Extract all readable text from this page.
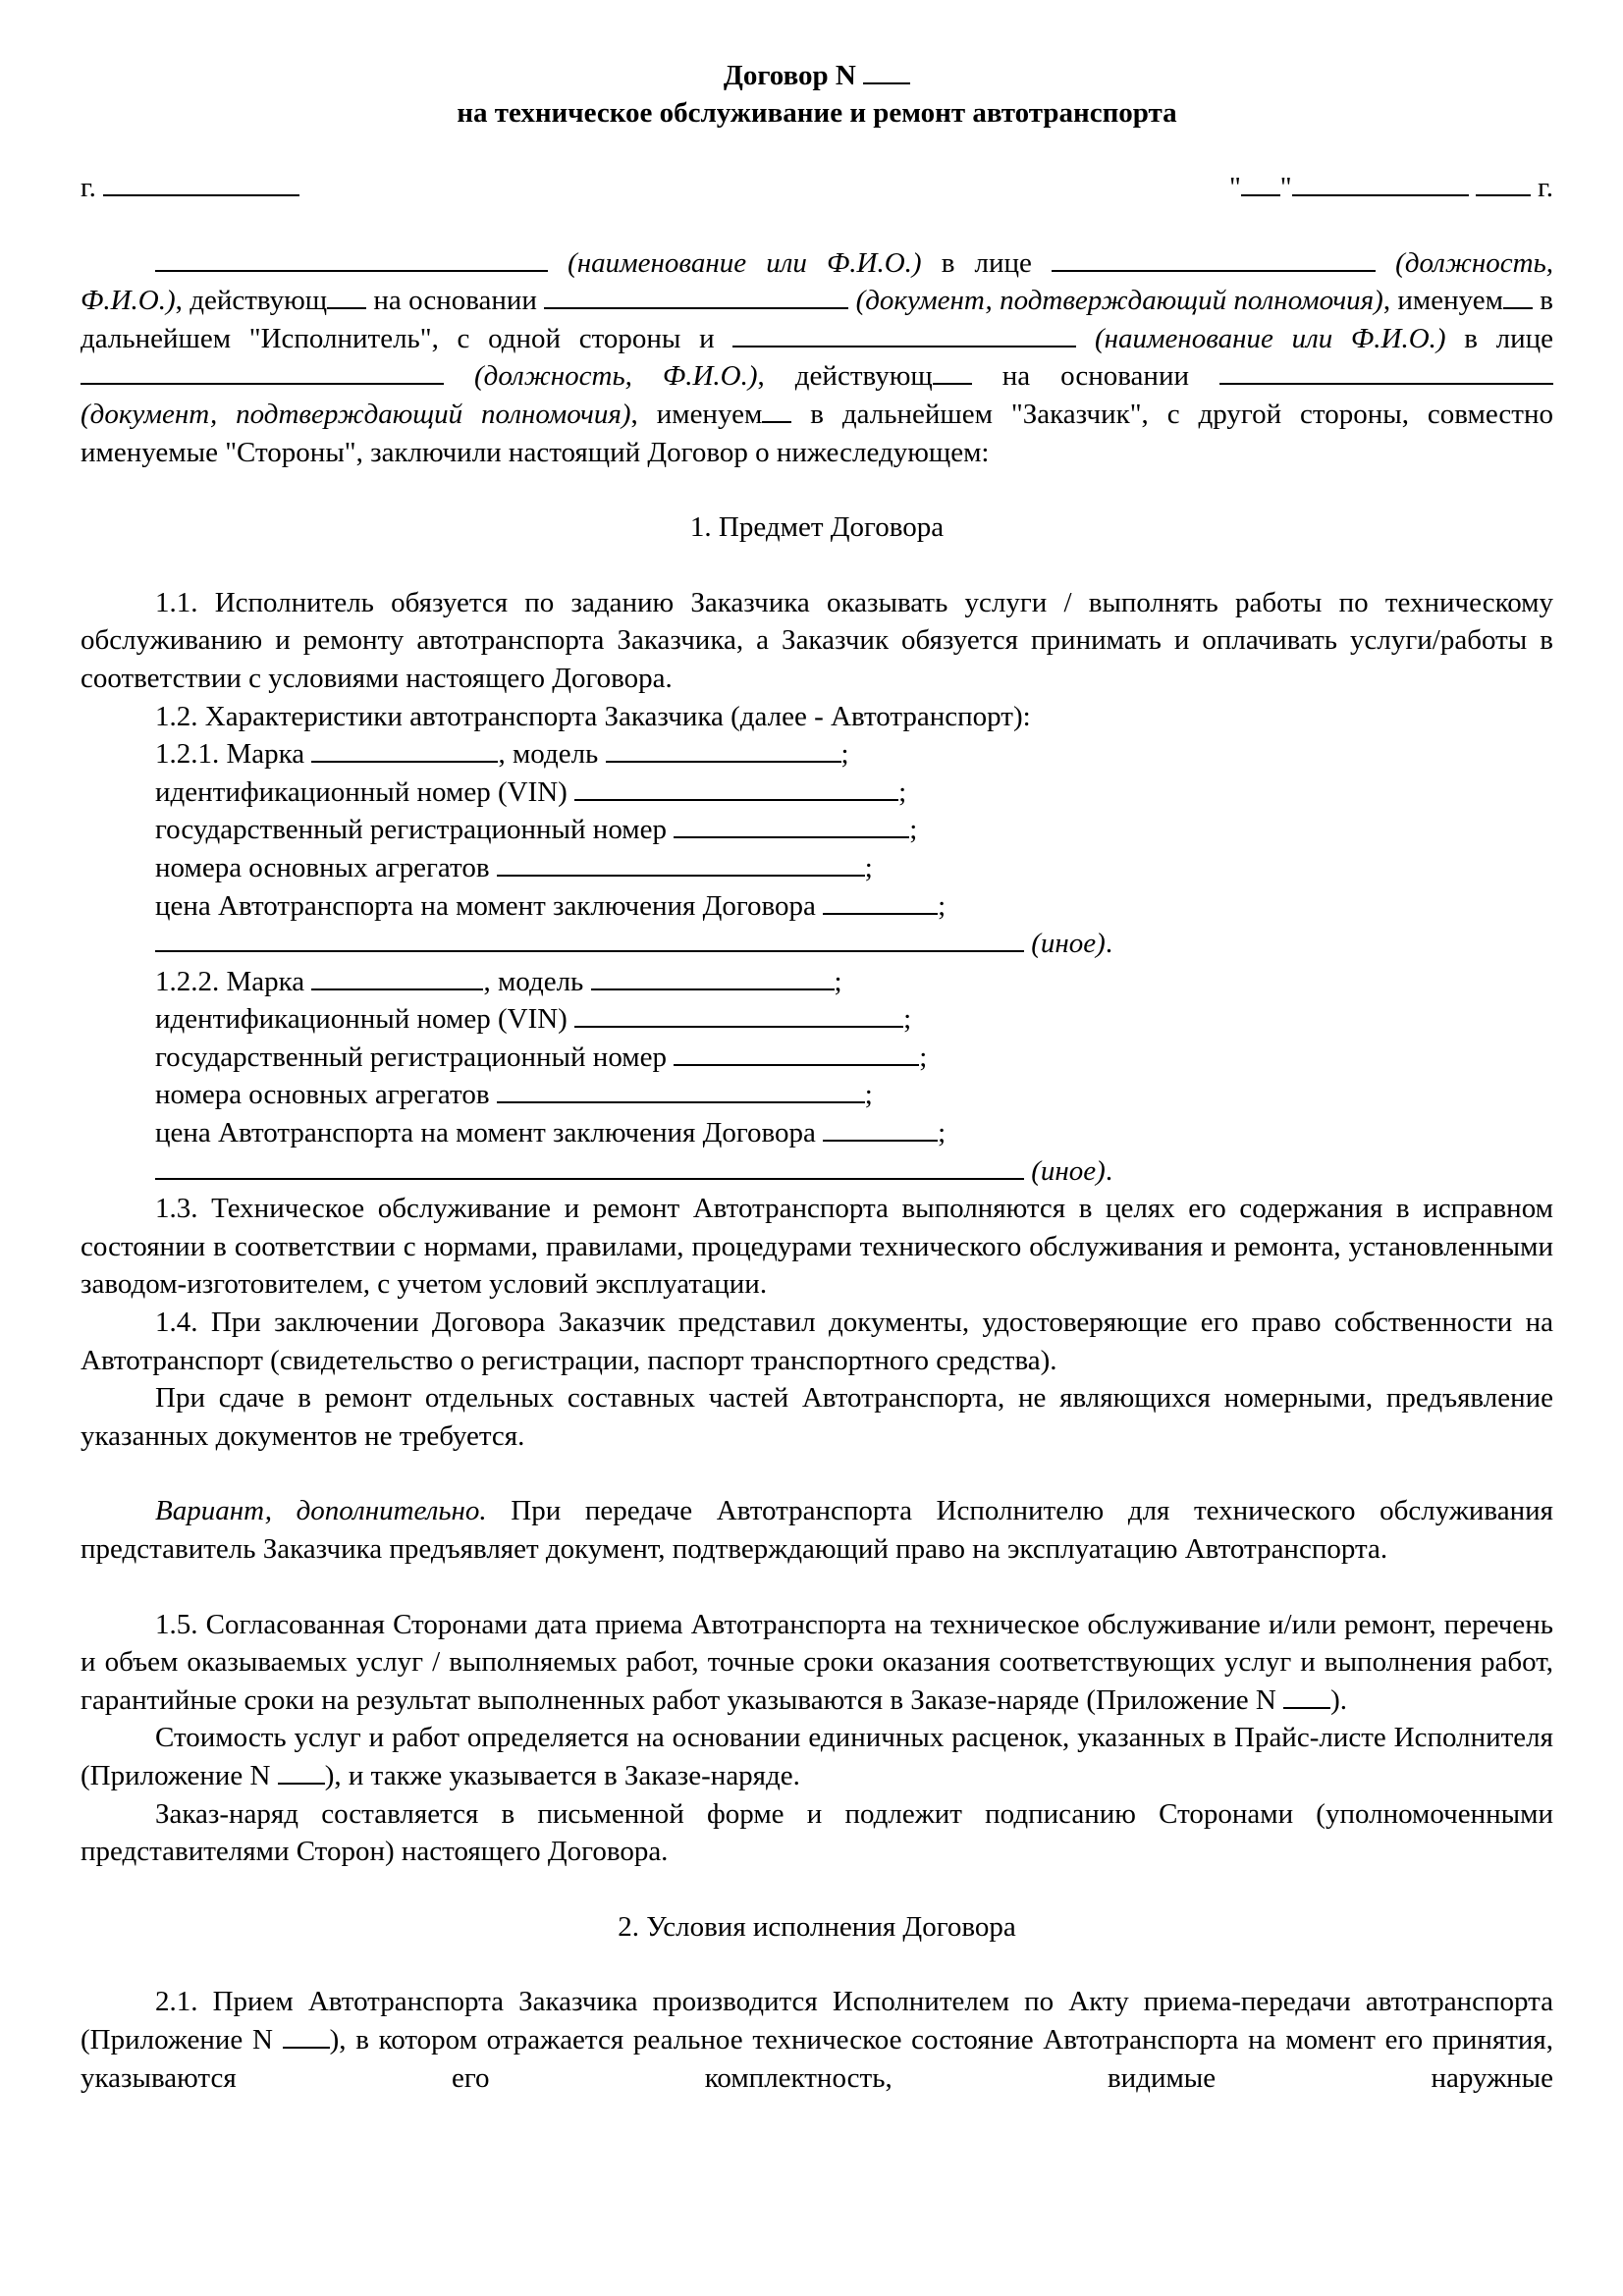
Договор N
на техническое обслуживание и ремонт автотранспорта
г.	" "	г.

(наименование или Ф.И.О.) в лице	(должность, Ф.И.О.), действующ на основании	(документ, подтверждающий полномочия), именуем в дальнейшем "Исполнитель", с одной стороны и	(наименование или Ф.И.О.) в лице  (должность, Ф.И.О.), действующ на основании  (документ, подтверждающий полномочия), именуем в дальнейшем "Заказчик", с другой стороны, совместно именуемые "Стороны", заключили настоящий Договор о нижеследующем:

1. Предмет Договора

1.1. Исполнитель обязуется по заданию Заказчика оказывать услуги / выполнять работы по техническому обслуживанию и ремонту автотранспорта Заказчика, а Заказчик обязуется принимать и оплачивать услуги/работы в соответствии с условиями настоящего Договора.

1.2. Характеристики автотранспорта Заказчика (далее - Автотранспорт):

1.2.1. Марка	, модель	;

идентификационный номер (VIN)	;

государственный регистрационный номер	;

номера основных агрегатов	;

цена Автотранспорта на момент заключения Договора	;

(иное).

1.2.2. Марка	, модель	;

идентификационный номер (VIN)	;

государственный регистрационный номер	;

номера основных агрегатов	;

цена Автотранспорта на момент заключения Договора	;

(иное).

1.3. Техническое обслуживание и ремонт Автотранспорта выполняются в целях его содержания в исправном состоянии в соответствии с нормами, правилами, процедурами технического обслуживания и ремонта, установленными заводом-изготовителем, с учетом условий эксплуатации.

1.4. При заключении Договора Заказчик представил документы, удостоверяющие его право собственности на Автотранспорт (свидетельство о регистрации, паспорт транспортного средства).

При сдаче в ремонт отдельных составных частей Автотранспорта, не являющихся номерными, предъявление указанных документов не требуется.

Вариант, дополнительно. При передаче Автотранспорта Исполнителю для технического обслуживания представитель Заказчика предъявляет документ, подтверждающий право на эксплуатацию Автотранспорта.

1.5. Согласованная Сторонами дата приема Автотранспорта на техническое обслуживание и/или ремонт, перечень и объем оказываемых услуг / выполняемых работ, точные сроки оказания соответствующих услуг и выполнения работ, гарантийные сроки на результат выполненных работ указываются в Заказе-наряде (Приложение N ).

Стоимость услуг и работ определяется на основании единичных расценок, указанных в Прайс-листе Исполнителя (Приложение N ), и также указывается в Заказе-наряде.

Заказ-наряд составляется в письменной форме и подлежит подписанию Сторонами (уполномоченными представителями Сторон) настоящего Договора.

2. Условия исполнения Договора

2.1. Прием Автотранспорта Заказчика производится Исполнителем по Акту приема-передачи автотранспорта (Приложение N ), в котором отражается реальное техническое состояние Автотранспорта на момент его принятия, указываются его комплектность, видимые наружные
